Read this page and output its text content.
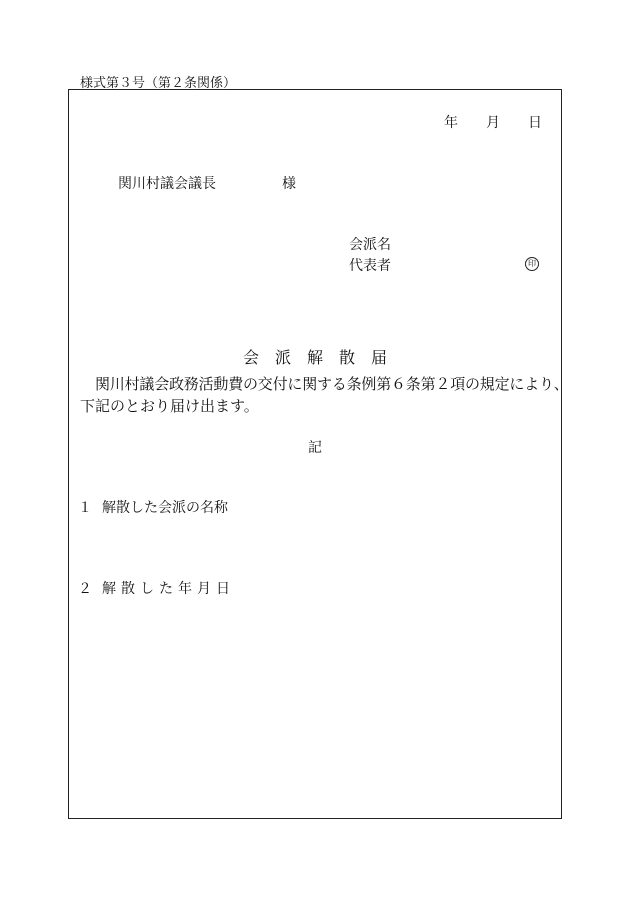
様式第３号（第２条関係）
年 月 日
関川村議会議長	様
会派名
代表者	印
会 派 解 散 届
関川村議会政務活動費の交付に関する条例第６条第２項の規定により、
下記のとおり届け出ます。
記
１ 解散した会派の名称
２ 解 散 し た 年 月 日
